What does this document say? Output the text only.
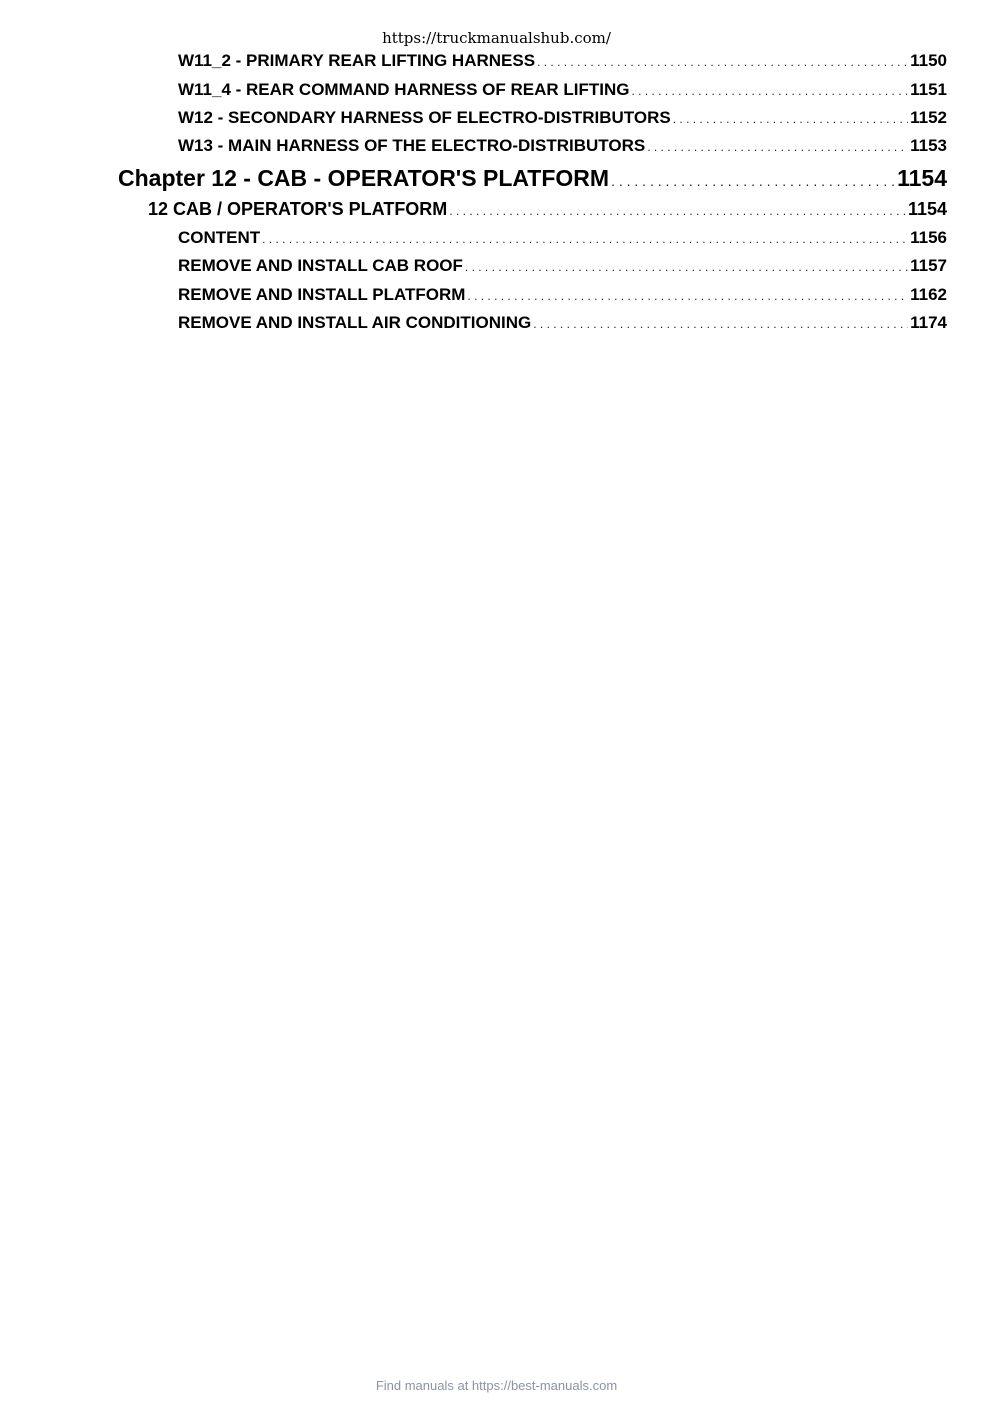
https://truckmanualshub.com/
W11_2 - PRIMARY REAR LIFTING HARNESS . . .	1150
W11_4 - REAR COMMAND HARNESS OF REAR LIFTING . . .	1151
W12 - SECONDARY HARNESS OF ELECTRO-DISTRIBUTORS . . .	1152
W13 - MAIN HARNESS OF THE ELECTRO-DISTRIBUTORS . . .	1153
Chapter 12 - CAB - OPERATOR'S PLATFORM . . .	1154
12 CAB / OPERATOR'S PLATFORM . . .	1154
CONTENT . . .	1156
REMOVE AND INSTALL CAB ROOF . . .	1157
REMOVE AND INSTALL PLATFORM . . .	1162
REMOVE AND INSTALL AIR CONDITIONING . . .	1174
Find manuals at https://best-manuals.com
